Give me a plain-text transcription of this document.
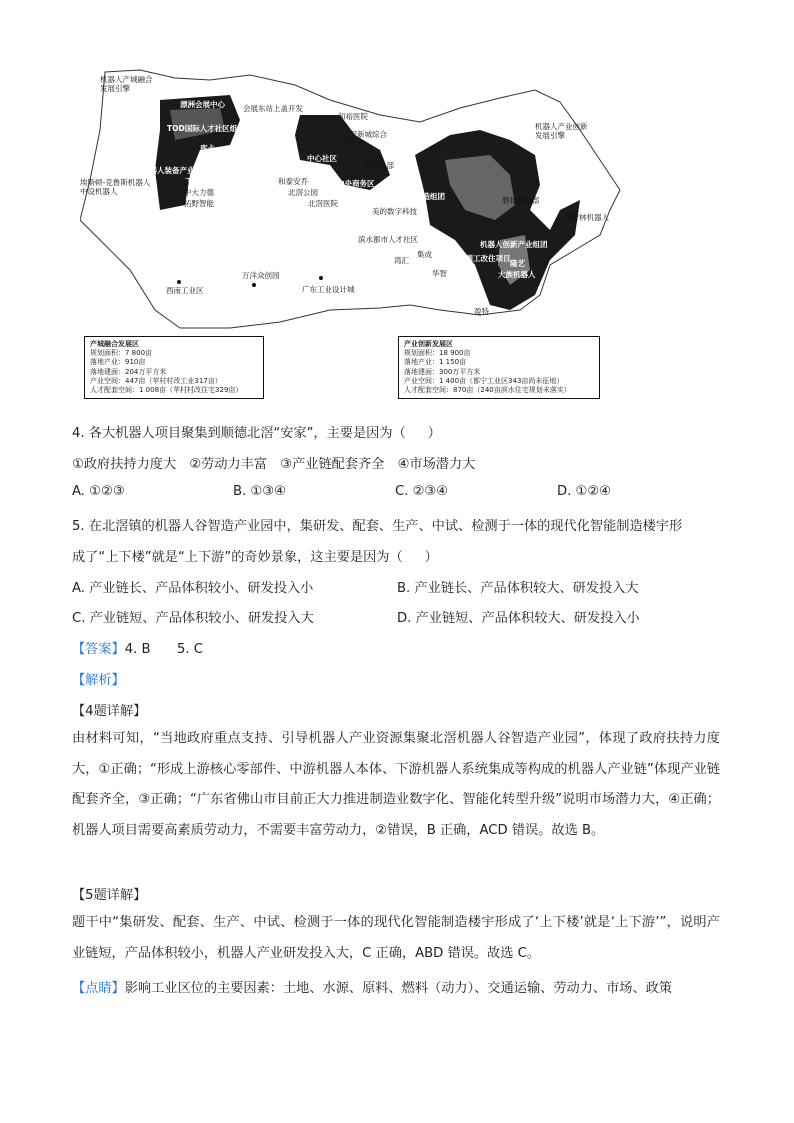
机器人产城融合
发展引擎
漂洲会展中心
TOD国际人才社区组团
会展东站上盖开发
库卡
大兴
机器人装备产业园
埃斯顿-克鲁斯机器人
中设机器人
飞利浦健康
中大力德
拓野智能
和裕医院
北滘新城综合
活力核
中心社区
美的总部
中央商务区
和泰安乔
北滘公园
北滘医院
数字智造组团
美的数字科技
滨水都市人才社区
集成
湾汇
华智
机器人产业创新
发展引擎
碧桂园总部
博智林机器人
机器人创新产业组团
北围工改住项目
隆艺
大族机器人
盈特
西南工业区
万洋众创园
广东工业设计城
产城融合发展区
规划面积：7 800亩
落地产业：910亩
落地建面：204万平方米
产业空间：447亩（苹村村改工业317亩）
人才配套空间：1 008亩（苹村村改住宅329亩）
产业创新发展区
规划面积：18 900亩
落地产业：1 150亩
落地建面：300万平方米
产业空间：1 400亩（都宁工业区343亩尚未征地）
人才配套空间：870亩（240亩滨水住宅规划未落实）
4. 各大机器人项目聚集到顺德北滘“安家”，主要是因为（ ）
①政府扶持力度大　②劳动力丰富　③产业链配套齐全　④市场潜力大
A. ①②③	B. ①③④	C. ②③④	D. ①②④
5. 在北滘镇的机器人谷智造产业园中，集研发、配套、生产、中试、检测于一体的现代化智能制造楼宇形
成了“上下楼”就是“上下游”的奇妙景象，这主要是因为（ ）
A. 产业链长、产品体积较小、研发投入小	B. 产业链长、产品体积较大、研发投入大
C. 产业链短、产品体积较小、研发投入大	D. 产业链短、产品体积较大、研发投入小
【答案】4. B　　5. C
【解析】
【4题详解】
由材料可知，“当地政府重点支持、引导机器人产业资源集聚北滘机器人谷智造产业园”，体现了政府扶持力度大，①正确；“形成上游核心零部件、中游机器人本体、下游机器人系统集成等构成的机器人产业链”体现产业链配套齐全，③正确；“广东省佛山市目前正大力推进制造业数字化、智能化转型升级”说明市场潜力大，④正确；机器人项目需要高素质劳动力，不需要丰富劳动力，②错误，B 正确，ACD 错误。故选 B。
【5题详解】
题干中“集研发、配套、生产、中试、检测于一体的现代化智能制造楼宇形成了‘上下楼’就是‘上下游’”，说明产业链短，产品体积较小，机器人产业研发投入大，C 正确，ABD 错误。故选 C。
【点睛】影响工业区位的主要因素：土地、水源、原料、燃料（动力）、交通运输、劳动力、市场、政策
